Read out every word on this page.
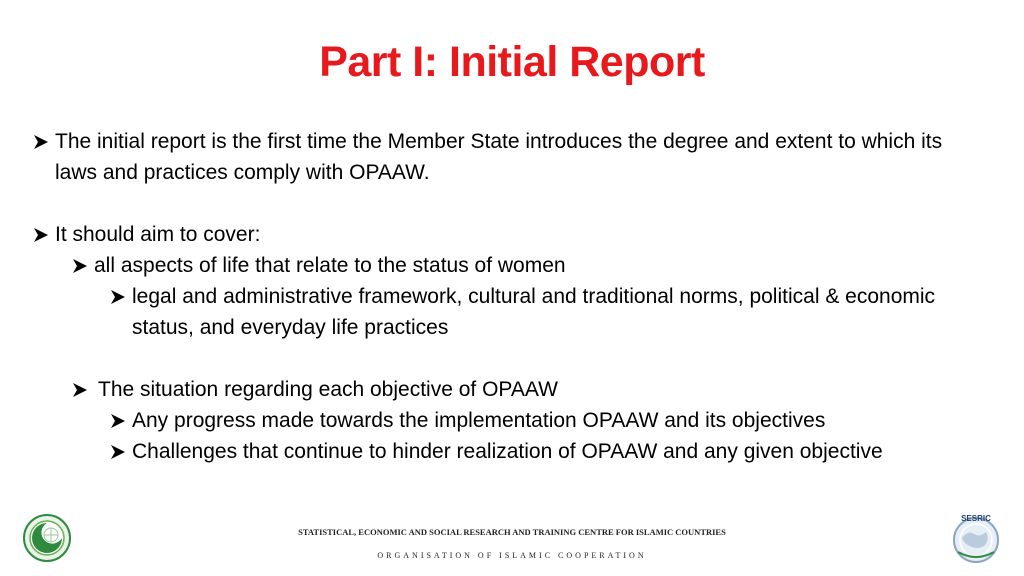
Part I: Initial Report
The initial report is the first time the Member State introduces the degree and extent to which its laws and practices comply with OPAAW.
It should aim to cover:
all aspects of life that relate to the status of women
legal and administrative framework, cultural and traditional norms, political & economic status, and everyday life practices
The situation regarding each objective of OPAAW
Any progress made towards the implementation OPAAW and its objectives
Challenges that continue to hinder realization of OPAAW and any given objective
STATISTICAL, ECONOMIC AND SOCIAL RESEARCH AND TRAINING CENTRE FOR ISLAMIC COUNTRIES
ORGANISATION OF ISLAMIC COOPERATION
SESRIC
